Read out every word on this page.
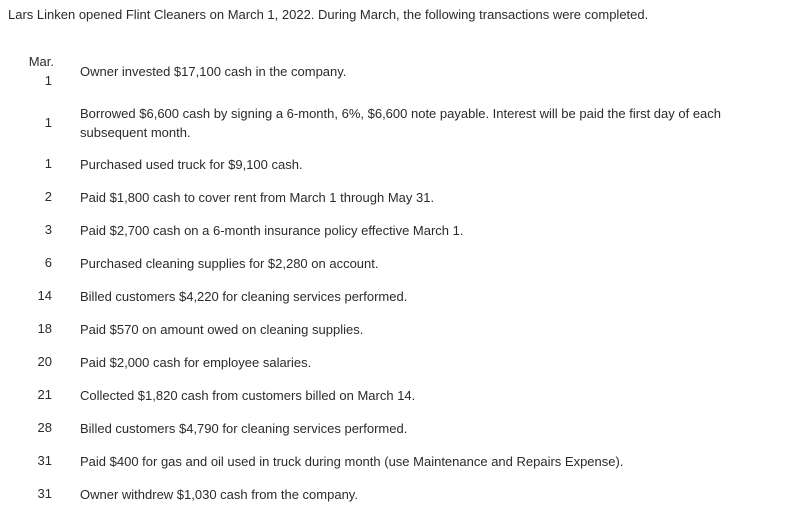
Lars Linken opened Flint Cleaners on March 1, 2022. During March, the following transactions were completed.
Mar.
1
Owner invested $17,100 cash in the company.
1
Borrowed $6,600 cash by signing a 6-month, 6%, $6,600 note payable. Interest will be paid the first day of each subsequent month.
1 Purchased used truck for $9,100 cash.
2 Paid $1,800 cash to cover rent from March 1 through May 31.
3 Paid $2,700 cash on a 6-month insurance policy effective March 1.
6 Purchased cleaning supplies for $2,280 on account.
14 Billed customers $4,220 for cleaning services performed.
18 Paid $570 on amount owed on cleaning supplies.
20 Paid $2,000 cash for employee salaries.
21 Collected $1,820 cash from customers billed on March 14.
28 Billed customers $4,790 for cleaning services performed.
31 Paid $400 for gas and oil used in truck during month (use Maintenance and Repairs Expense).
31 Owner withdrew $1,030 cash from the company.
